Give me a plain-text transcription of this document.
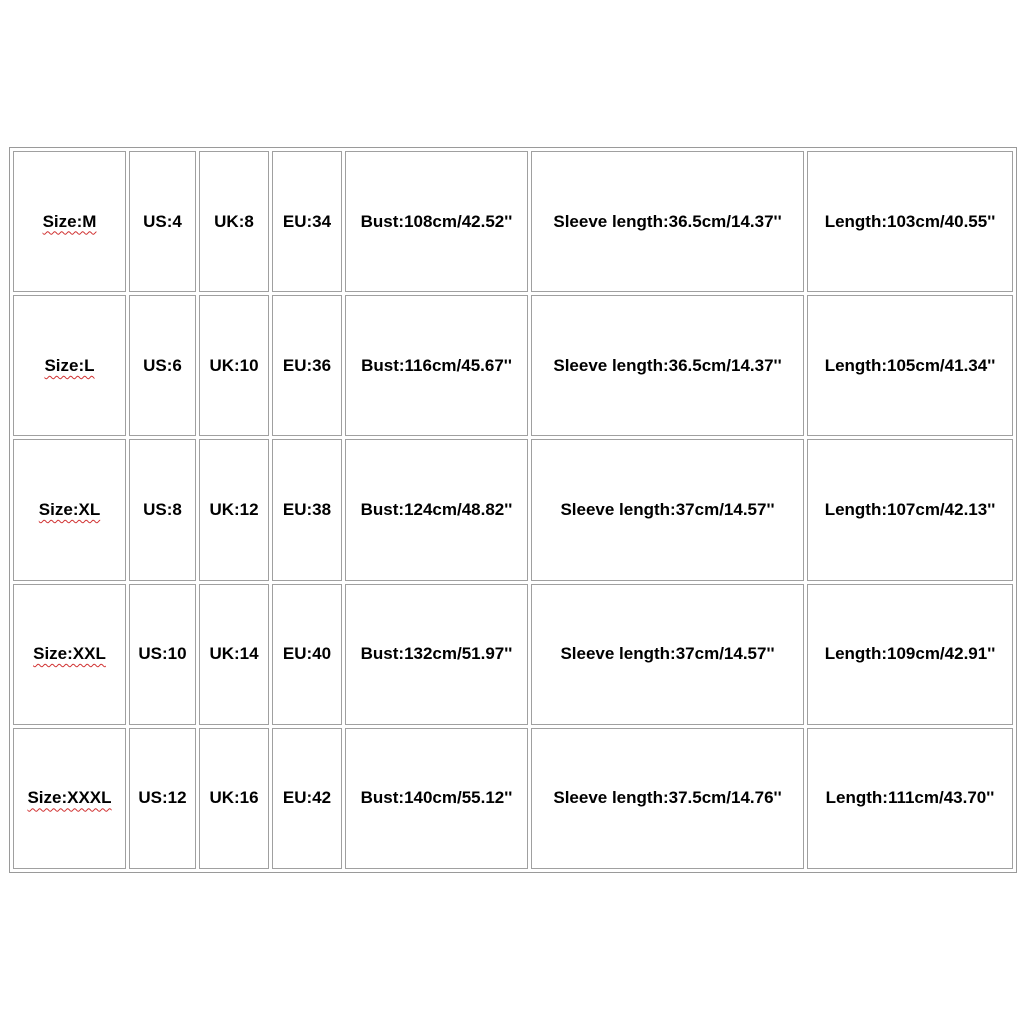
Size:M	US:4	UK:8	EU:34	Bust:108cm/42.52''	Sleeve length:36.5cm/14.37''	Length:103cm/40.55''
Size:L	US:6	UK:10	EU:36	Bust:116cm/45.67''	Sleeve length:36.5cm/14.37''	Length:105cm/41.34''
Size:XL	US:8	UK:12	EU:38	Bust:124cm/48.82''	Sleeve length:37cm/14.57''	Length:107cm/42.13''
Size:XXL	US:10	UK:14	EU:40	Bust:132cm/51.97''	Sleeve length:37cm/14.57''	Length:109cm/42.91''
Size:XXXL	US:12	UK:16	EU:42	Bust:140cm/55.12''	Sleeve length:37.5cm/14.76''	Length:111cm/43.70''
